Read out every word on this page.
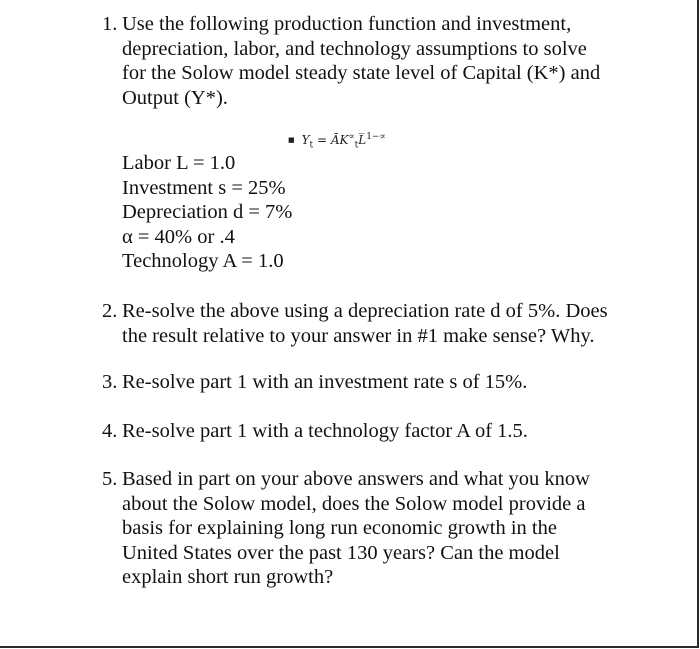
1. Use the following production function and investment,
depreciation, labor, and technology assumptions to solve
for the Solow model steady state level of Capital (K*) and
Output (Y*).
■ $Y_t$ = $ĀK^\propto_tL̅^{1-\propto}$
Labor L = 1.0
Investment s = 25%
Depreciation d = 7%
α = 40% or .4
Technology A = 1.0
2. Re-solve the above using a depreciation rate d of 5%. Does
the result relative to your answer in #1 make sense? Why.
3. Re-solve part 1 with an investment rate s of 15%.
4. Re-solve part 1 with a technology factor A of 1.5.
5. Based in part on your above answers and what you know
about the Solow model, does the Solow model provide a
basis for explaining long run economic growth in the
United States over the past 130 years? Can the model
explain short run growth?
